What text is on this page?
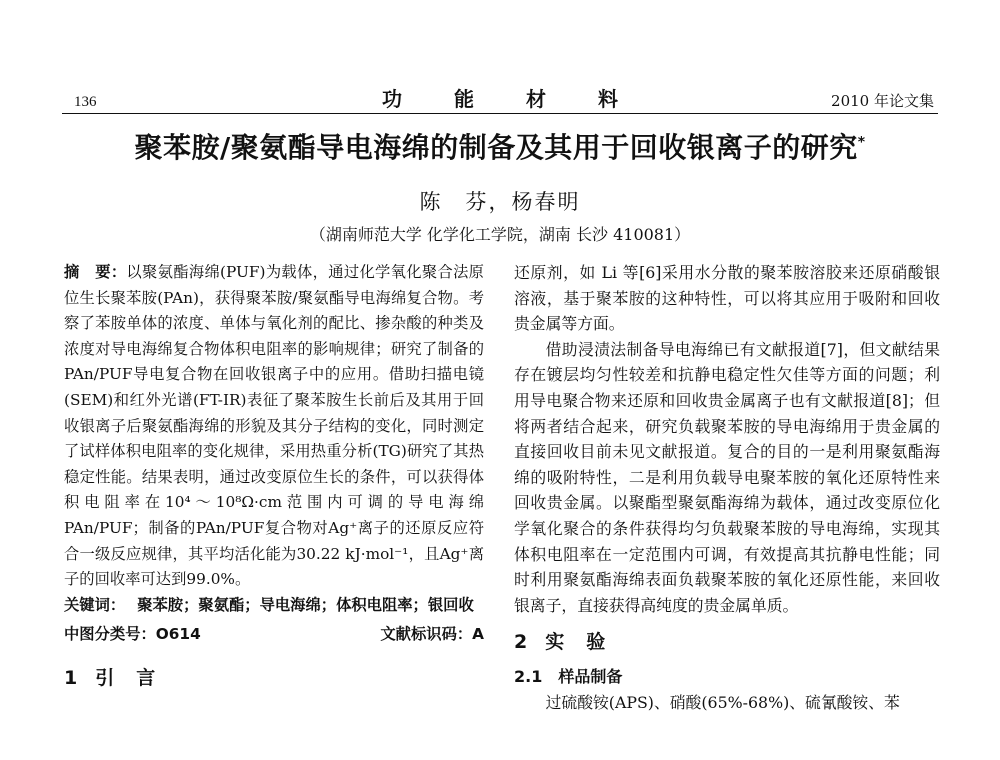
136	功能材料	2010 年论文集
聚苯胺/聚氨酯导电海绵的制备及其用于回收银离子的研究*
陈　芬，杨春明
（湖南师范大学 化学化工学院，湖南 长沙 410081）

摘　要：以聚氨酯海绵(PUF)为载体，通过化学氧化聚合法原位生长聚苯胺(PAn)，获得聚苯胺/聚氨酯导电海绵复合物。考察了苯胺单体的浓度、单体与氧化剂的配比、掺杂酸的种类及浓度对导电海绵复合物体积电阻率的影响规律；研究了制备的PAn/PUF导电复合物在回收银离子中的应用。借助扫描电镜(SEM)和红外光谱(FT-IR)表征了聚苯胺生长前后及其用于回收银离子后聚氨酯海绵的形貌及其分子结构的变化，同时测定了试样体积电阻率的变化规律，采用热重分析(TG)研究了其热稳定性能。结果表明，通过改变原位生长的条件，可以获得体积电阻率在10⁴～10⁸Ω·cm范围内可调的导电海绵PAn/PUF；制备的PAn/PUF复合物对Ag⁺离子的还原反应符合一级反应规律，其平均活化能为30.22 kJ·mol⁻¹，且Ag⁺离子的回收率可达到99.0%。

关键词： 聚苯胺；聚氨酯；导电海绵；体积电阻率；银回收

中图分类号：O614	文献标识码：A

1 引言

还原剂，如 Li 等[6]采用水分散的聚苯胺溶胶来还原硝酸银溶液，基于聚苯胺的这种特性，可以将其应用于吸附和回收贵金属等方面。

借助浸渍法制备导电海绵已有文献报道[7]，但文献结果存在镀层均匀性较差和抗静电稳定性欠佳等方面的问题；利用导电聚合物来还原和回收贵金属离子也有文献报道[8]；但将两者结合起来，研究负载聚苯胺的导电海绵用于贵金属的直接回收目前未见文献报道。复合的目的一是利用聚氨酯海绵的吸附特性，二是利用负载导电聚苯胺的氧化还原特性来回收贵金属。以聚酯型聚氨酯海绵为载体，通过改变原位化学氧化聚合的条件获得均匀负载聚苯胺的导电海绵，实现其体积电阻率在一定范围内可调，有效提高其抗静电性能；同时利用聚氨酯海绵表面负载聚苯胺的氧化还原性能，来回收银离子，直接获得高纯度的贵金属单质。

2 实验

2.1 样品制备

过硫酸铵(APS)、硝酸(65%-68%)、硫氰酸铵、苯
